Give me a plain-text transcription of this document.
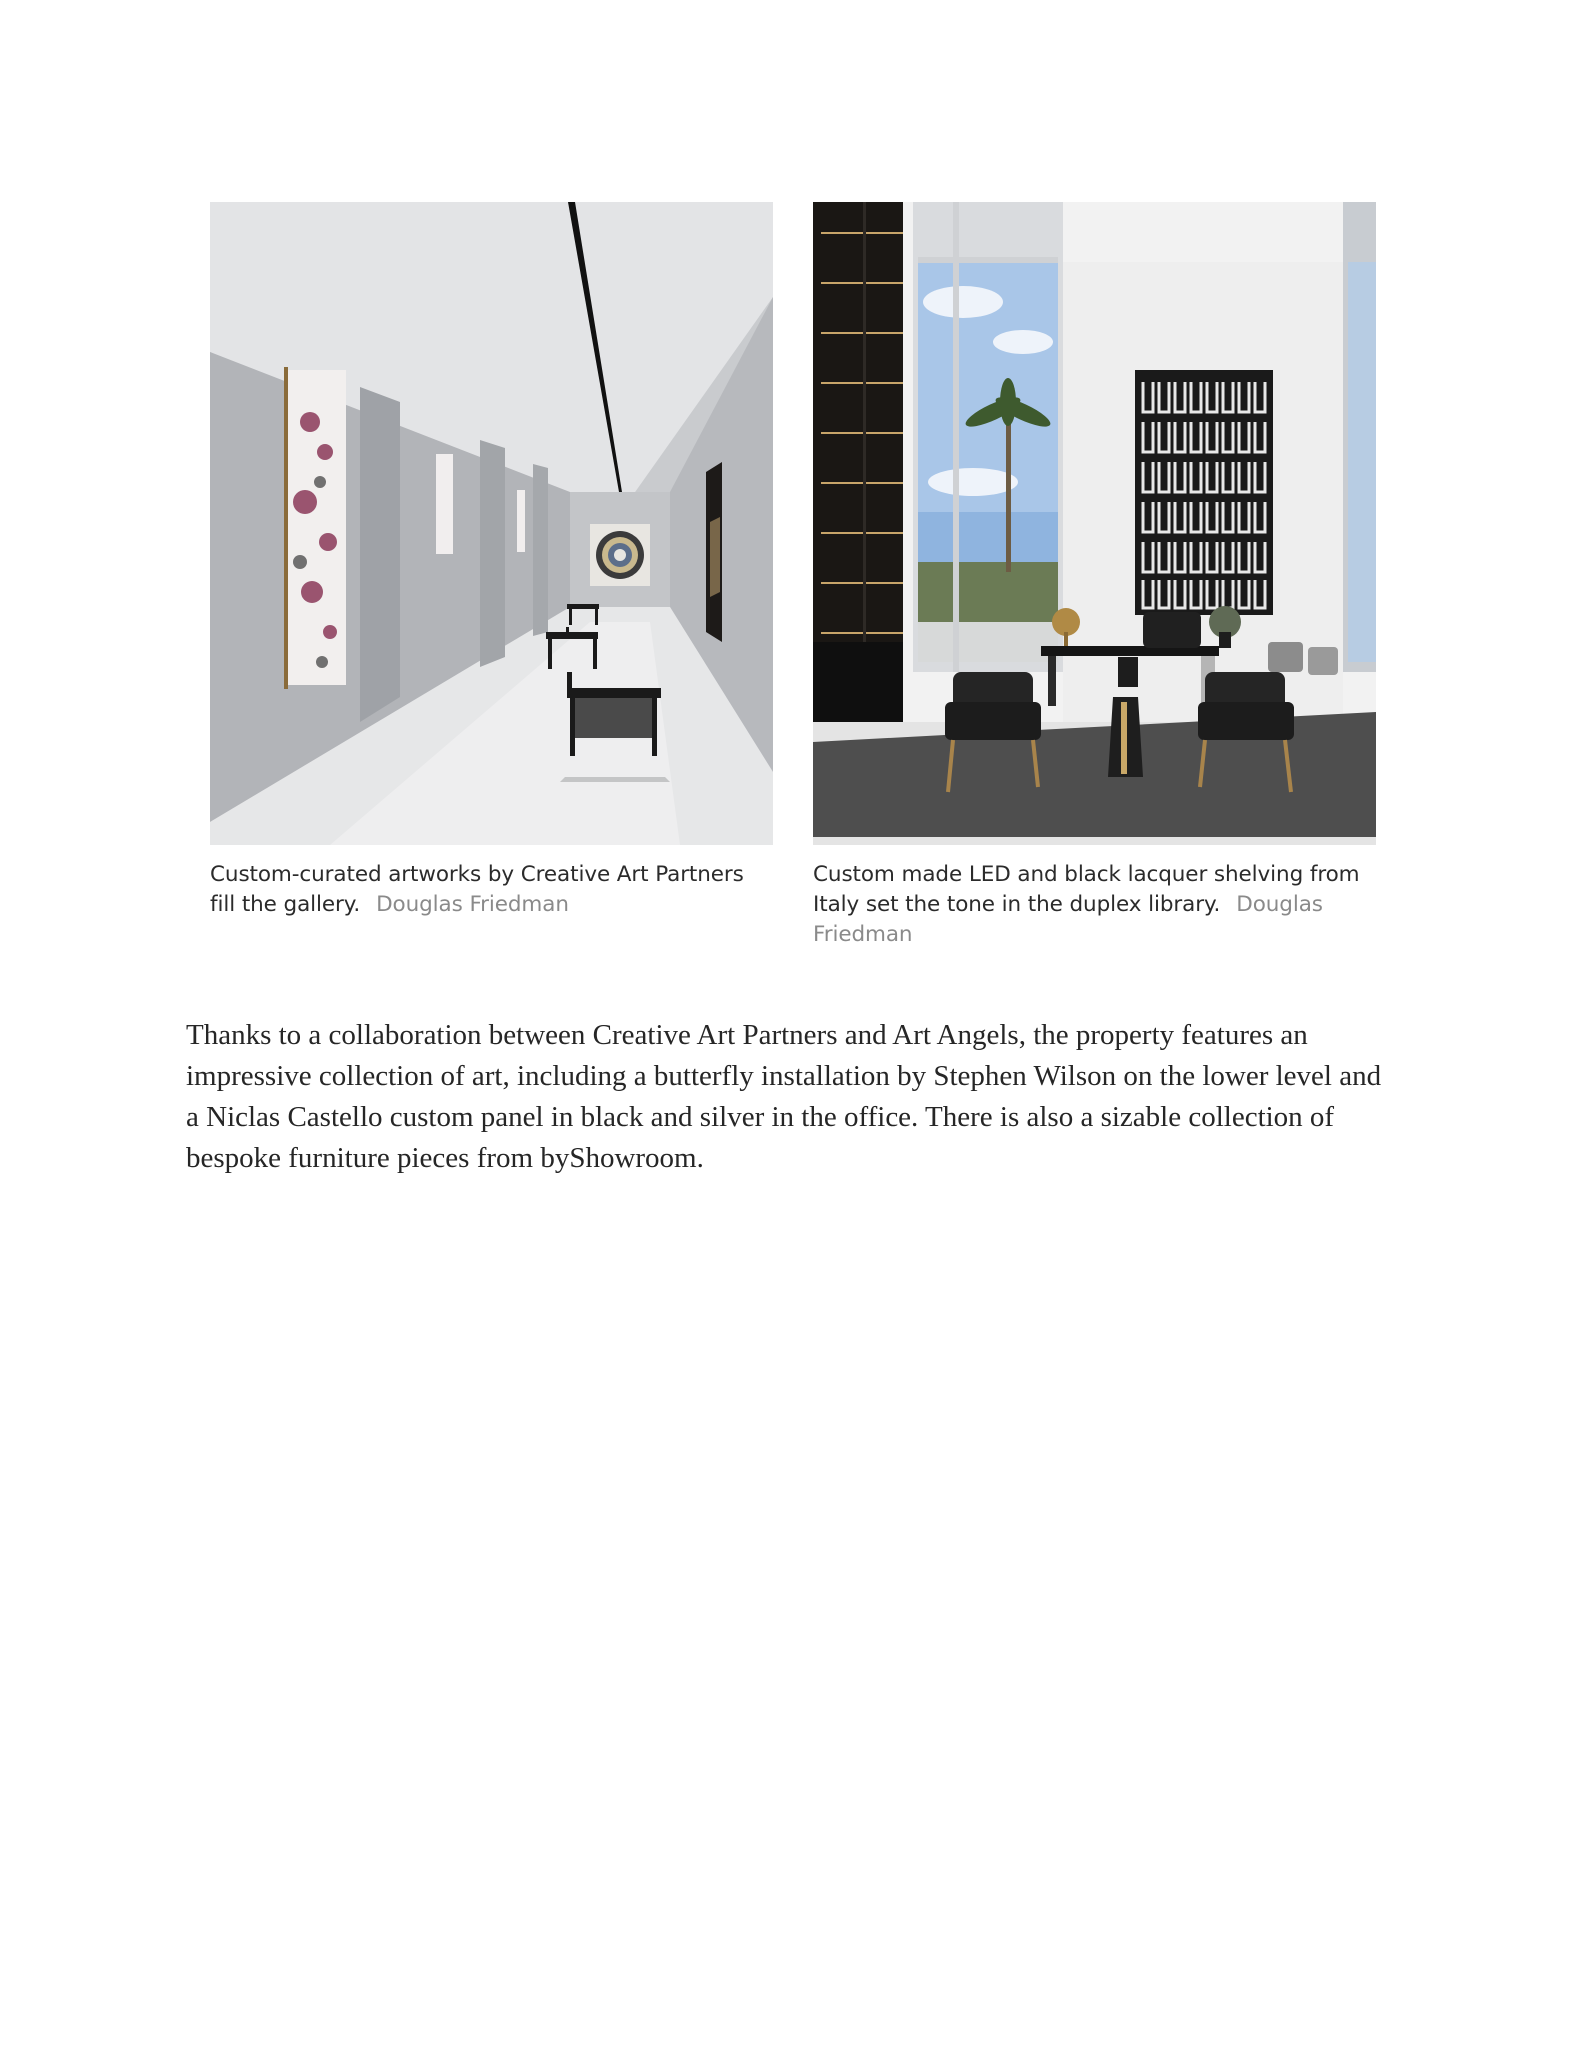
Custom-curated artworks by Creative Art Partners fill the gallery. Douglas Friedman
Custom made LED and black lacquer shelving from Italy set the tone in the duplex library. Douglas Friedman

Thanks to a collaboration between Creative Art Partners and Art Angels, the property features an impressive collection of art, including a butterfly installation by Stephen Wilson on the lower level and a Niclas Castello custom panel in black and silver in the office. There is also a sizable collection of bespoke furniture pieces from byShowroom.
